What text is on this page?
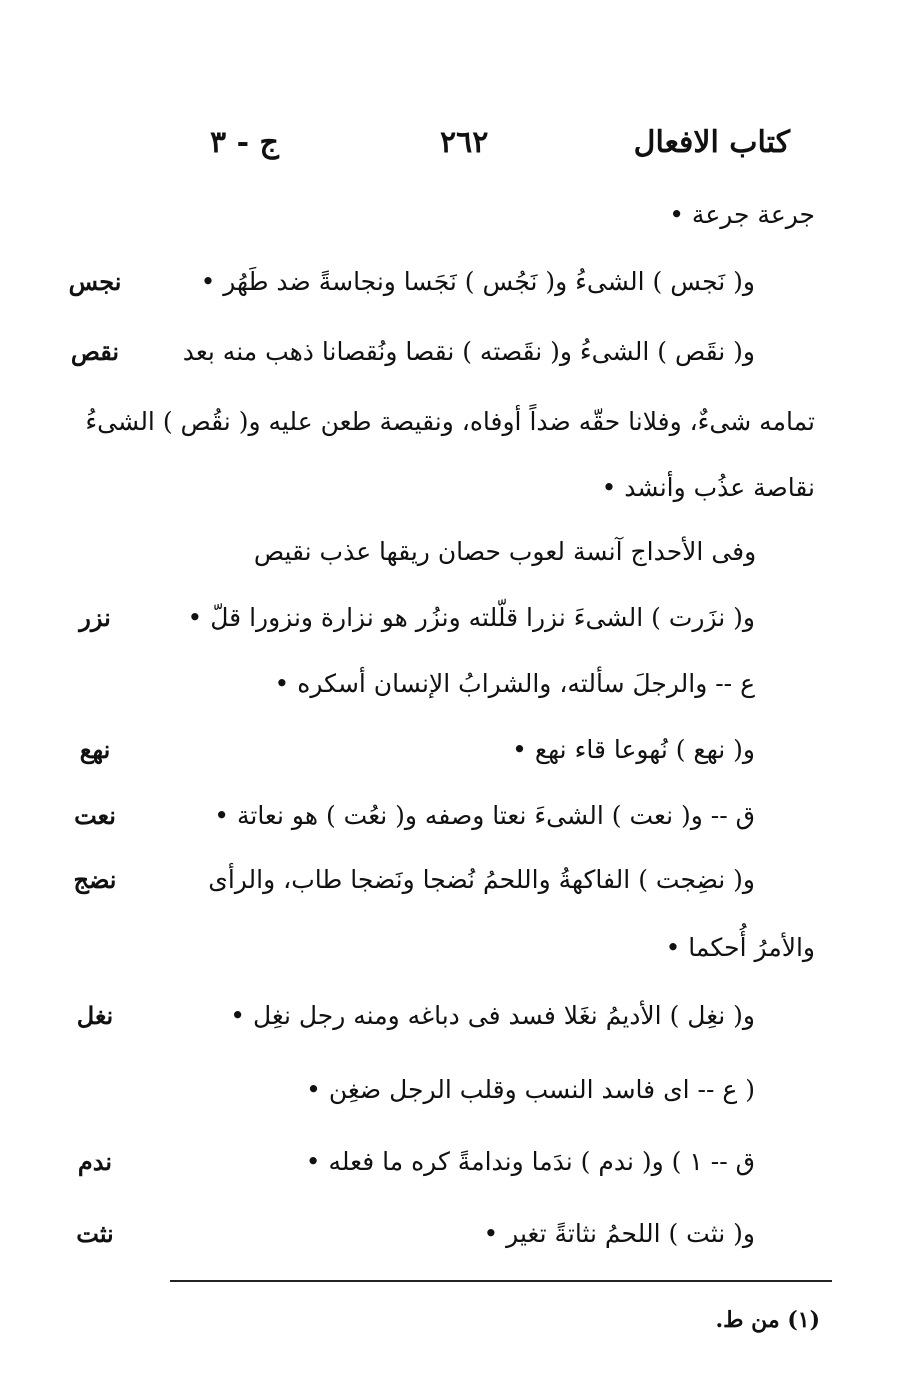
كتاب الافعال
٢٦٢
ج - ٣
جرعة جرعة •
و( نَجس ) الشىءُ و( نَجُس ) نَجَسا ونجاسةً ضد طَهُر •
و( نقَص ) الشىءُ و( نقَصته ) نقصا ونُقصانا ذهب منه بعد
تمامه شىءٌ، وفلانا حقّه ضداً أوفاه، ونقيصة طعن عليه و( نقُص ) الشىءُ
نقاصة عذُب وأنشد •
وفى الأحداج آنسة لعوب حصان ريقها عذب نقيص
و( نزَرت ) الشىءَ نزرا قلّلته ونزُر هو نزارة ونزورا قلّ •
ع -- والرجلَ سألته، والشرابُ الإنسان أسكره •
و( نهع ) نُهوعا قاء نهع •
ق -- و( نعت ) الشىءَ نعتا وصفه و( نعُت ) هو نعاتة •
و( نضِجت ) الفاكهةُ واللحمُ نُضجا ونَضجا طاب، والرأى
والأمرُ أُحكما •
و( نغِل ) الأديمُ نغَلا فسد فى دباغه ومنه رجل نغِل •
( ع -- اى فاسد النسب وقلب الرجل ضغِن •
ق -- ١ ) و( ندم ) ندَما وندامةً كره ما فعله •
و( نثت ) اللحمُ نثاتةً تغير •
نجس
نقص
نزر
نهع
نعت
نضج
نغل
ندم
نثت
(١) من ط.
